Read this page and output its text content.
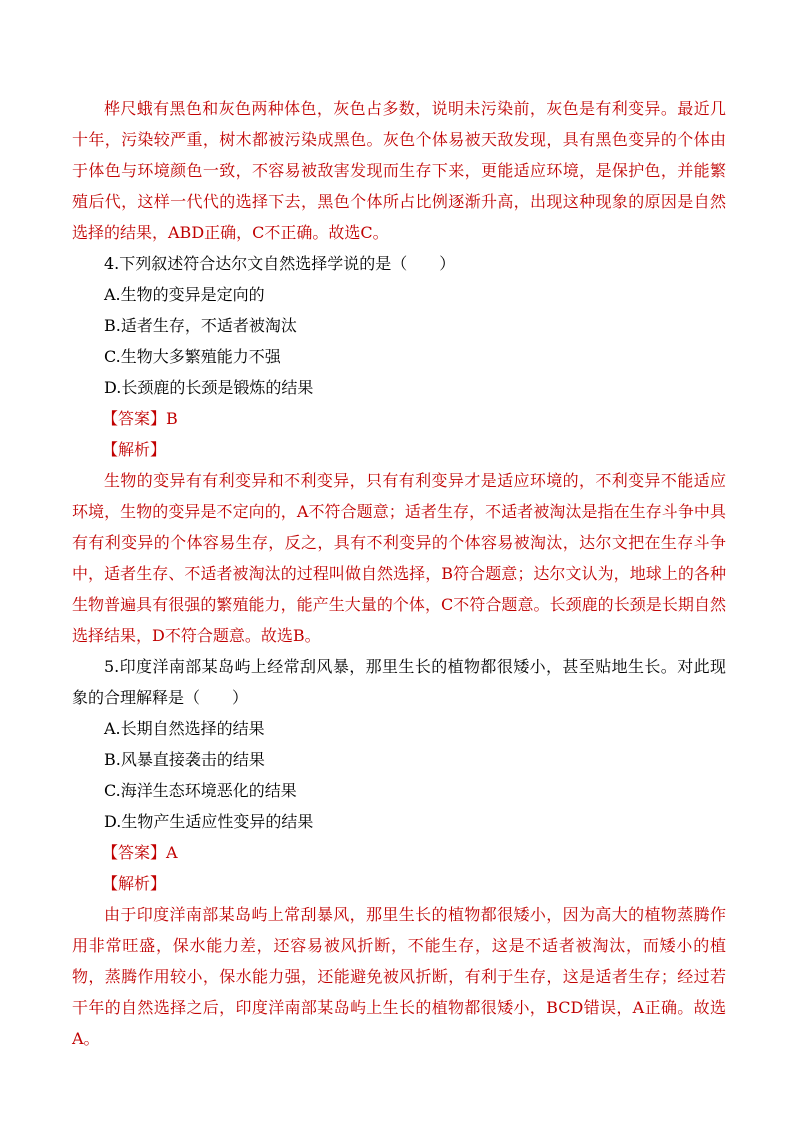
桦尺蛾有黑色和灰色两种体色，灰色占多数，说明未污染前，灰色是有利变异。最近几十年，污染较严重，树木都被污染成黑色。灰色个体易被天敌发现，具有黑色变异的个体由于体色与环境颜色一致，不容易被敌害发现而生存下来，更能适应环境，是保护色，并能繁殖后代，这样一代代的选择下去，黑色个体所占比例逐渐升高，出现这种现象的原因是自然选择的结果，ABD正确，C不正确。故选C。

4.下列叙述符合达尔文自然选择学说的是（　　）

A.生物的变异是定向的

B.适者生存，不适者被淘汰

C.生物大多繁殖能力不强

D.长颈鹿的长颈是锻炼的结果

【答案】B

【解析】

生物的变异有有利变异和不利变异，只有有利变异才是适应环境的，不利变异不能适应环境，生物的变异是不定向的，A不符合题意；适者生存，不适者被淘汰是指在生存斗争中具有有利变异的个体容易生存，反之，具有不利变异的个体容易被淘汰，达尔文把在生存斗争中，适者生存、不适者被淘汰的过程叫做自然选择，B符合题意；达尔文认为，地球上的各种生物普遍具有很强的繁殖能力，能产生大量的个体，C不符合题意。长颈鹿的长颈是长期自然选择结果，D不符合题意。故选B。

5.印度洋南部某岛屿上经常刮风暴，那里生长的植物都很矮小，甚至贴地生长。对此现象的合理解释是（　　）

A.长期自然选择的结果

B.风暴直接袭击的结果

C.海洋生态环境恶化的结果

D.生物产生适应性变异的结果

【答案】A

【解析】

由于印度洋南部某岛屿上常刮暴风，那里生长的植物都很矮小，因为高大的植物蒸腾作用非常旺盛，保水能力差，还容易被风折断，不能生存，这是不适者被淘汰，而矮小的植物，蒸腾作用较小，保水能力强，还能避免被风折断，有利于生存，这是适者生存；经过若干年的自然选择之后，印度洋南部某岛屿上生长的植物都很矮小，BCD错误，A正确。故选A。
